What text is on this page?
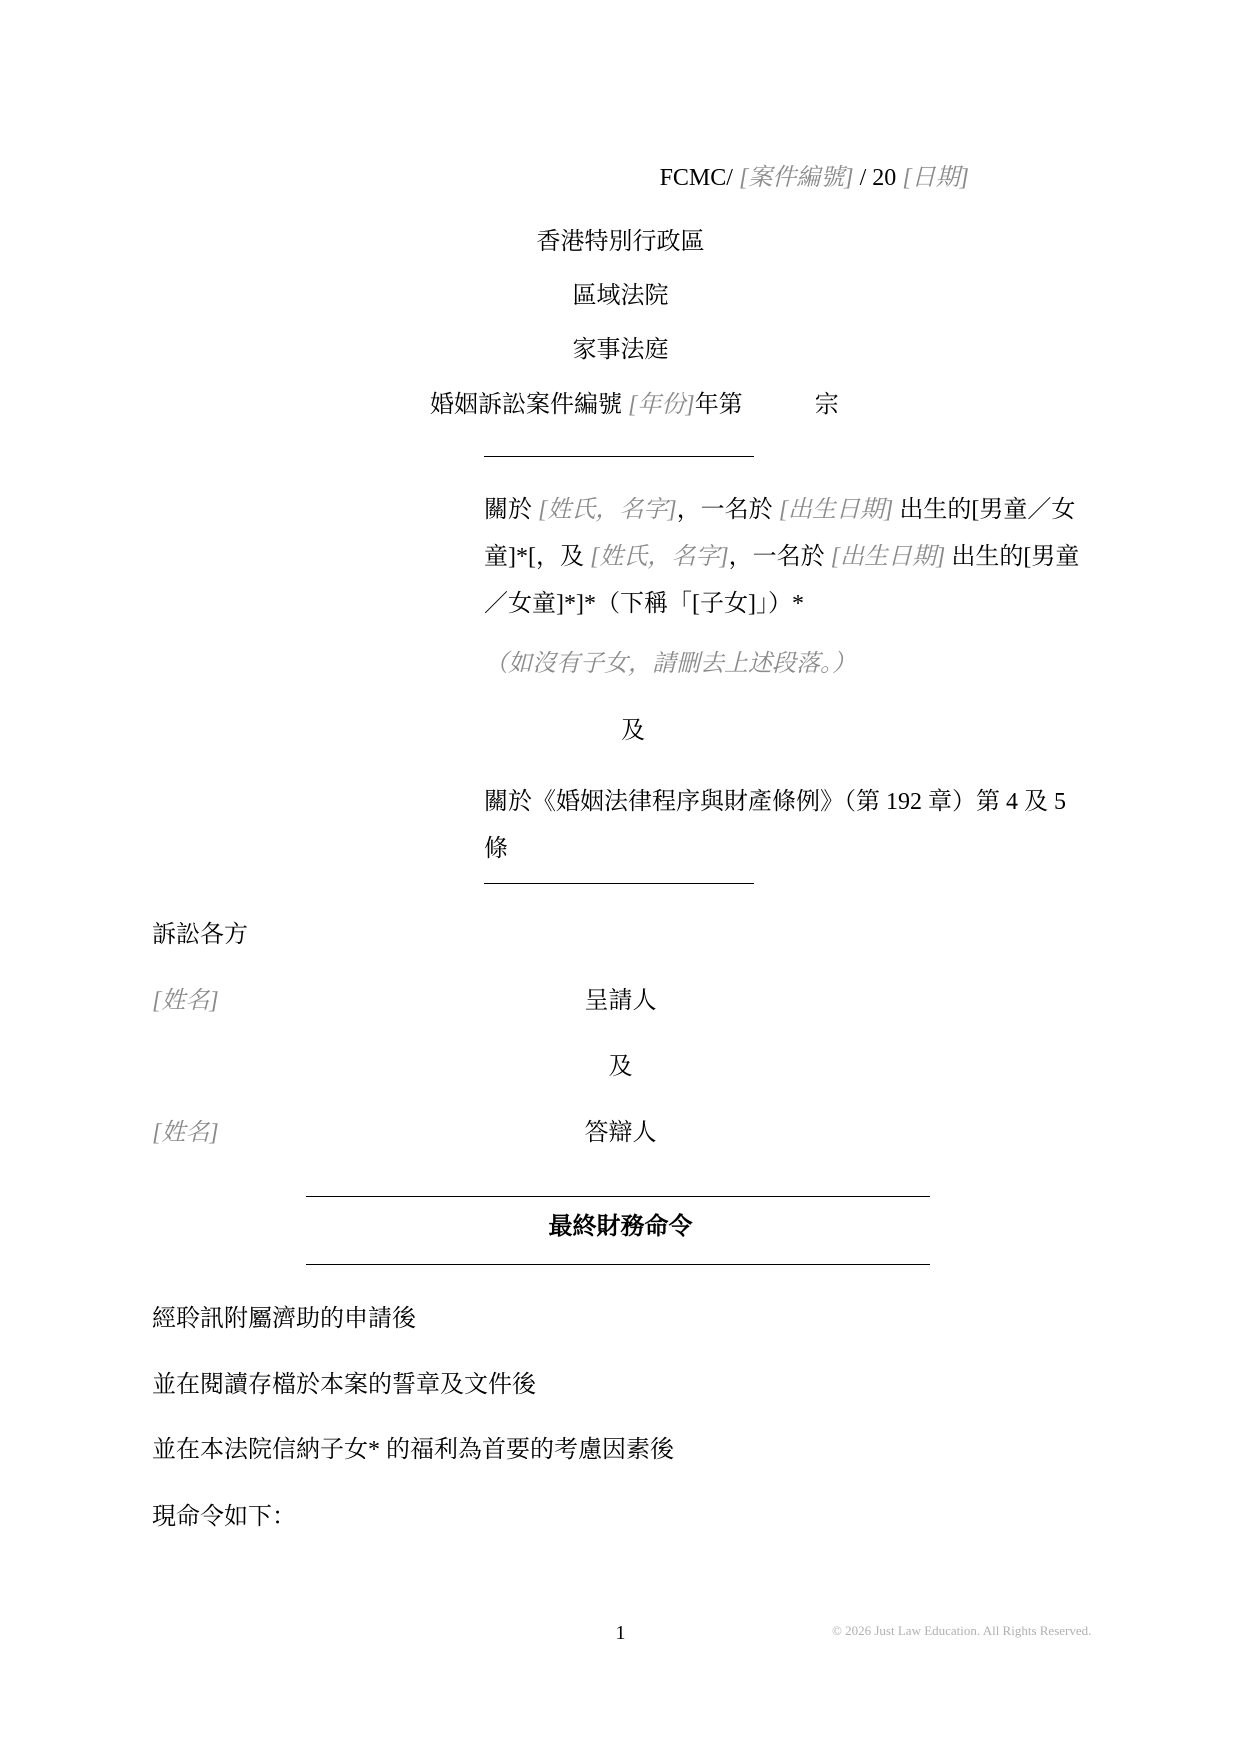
FCMC/ [案件編號] / 20 [日期]
香港特別行政區
區域法院
家事法庭
婚姻訴訟案件編號 [年份]年第	宗
關於 [姓氏，名字]，一名於 [出生日期] 出生的[男童／女童]*[，及 [姓氏，名字]，一名於 [出生日期] 出生的[男童／女童]*]*（下稱「[子女]」）*
（如沒有子女，請刪去上述段落。）
及
關於《婚姻法律程序與財產條例》（第 192 章）第 4 及 5 條
訴訟各方
[姓名]	呈請人
及
[姓名]	答辯人
最終財務命令
經聆訊附屬濟助的申請後
並在閱讀存檔於本案的誓章及文件後
並在本法院信納子女* 的福利為首要的考慮因素後
現命令如下：
1	© 2026 Just Law Education. All Rights Reserved.
